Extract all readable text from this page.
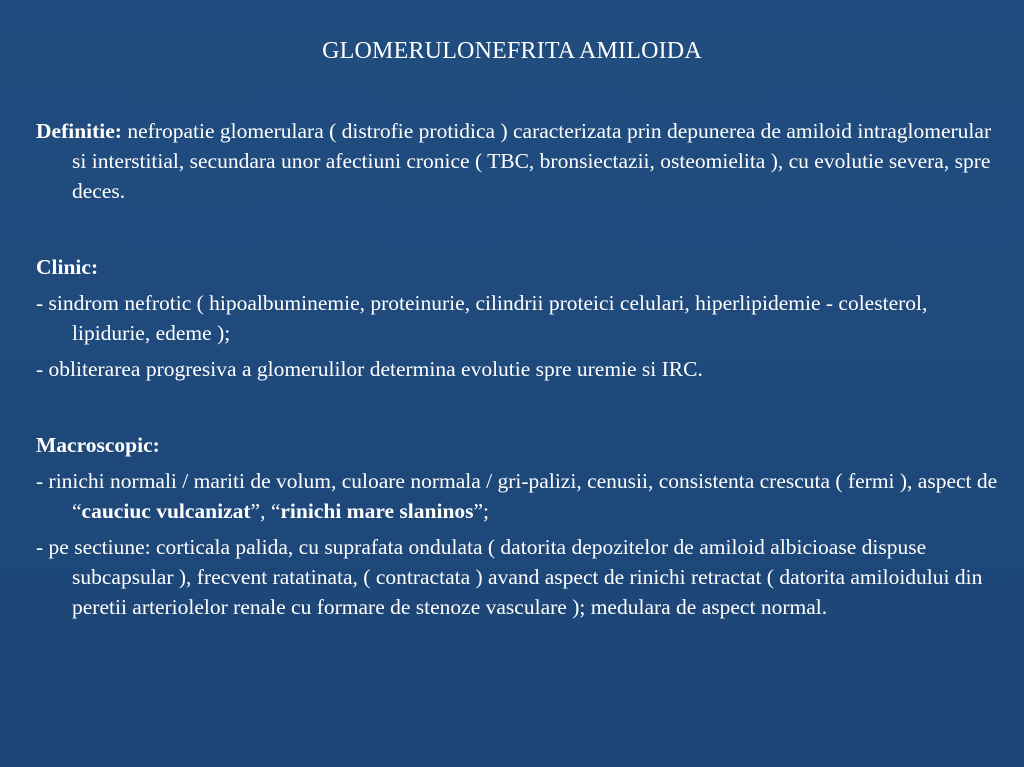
GLOMERULONEFRITA AMILOIDA

Definitie: nefropatie glomerulara ( distrofie protidica ) caracterizata prin depunerea de amiloid intraglomerular si interstitial, secundara unor afectiuni cronice ( TBC, bronsiectazii, osteomielita ), cu evolutie severa, spre deces.

Clinic:

- sindrom nefrotic ( hipoalbuminemie, proteinurie, cilindrii proteici celulari, hiperlipidemie - colesterol, lipidurie, edeme );

- obliterarea progresiva a glomerulilor determina evolutie spre uremie si IRC.

Macroscopic:

- rinichi normali / mariti de volum, culoare normala / gri-palizi, cenusii, consistenta crescuta ( fermi ), aspect de “cauciuc vulcanizat”, “rinichi mare slaninos”;

- pe sectiune: corticala palida, cu suprafata ondulata ( datorita depozitelor de amiloid albicioase dispuse subcapsular ), frecvent ratatinata, ( contractata ) avand aspect de rinichi retractat ( datorita amiloidului din peretii arteriolelor renale cu formare de stenoze vasculare ); medulara de aspect normal.
